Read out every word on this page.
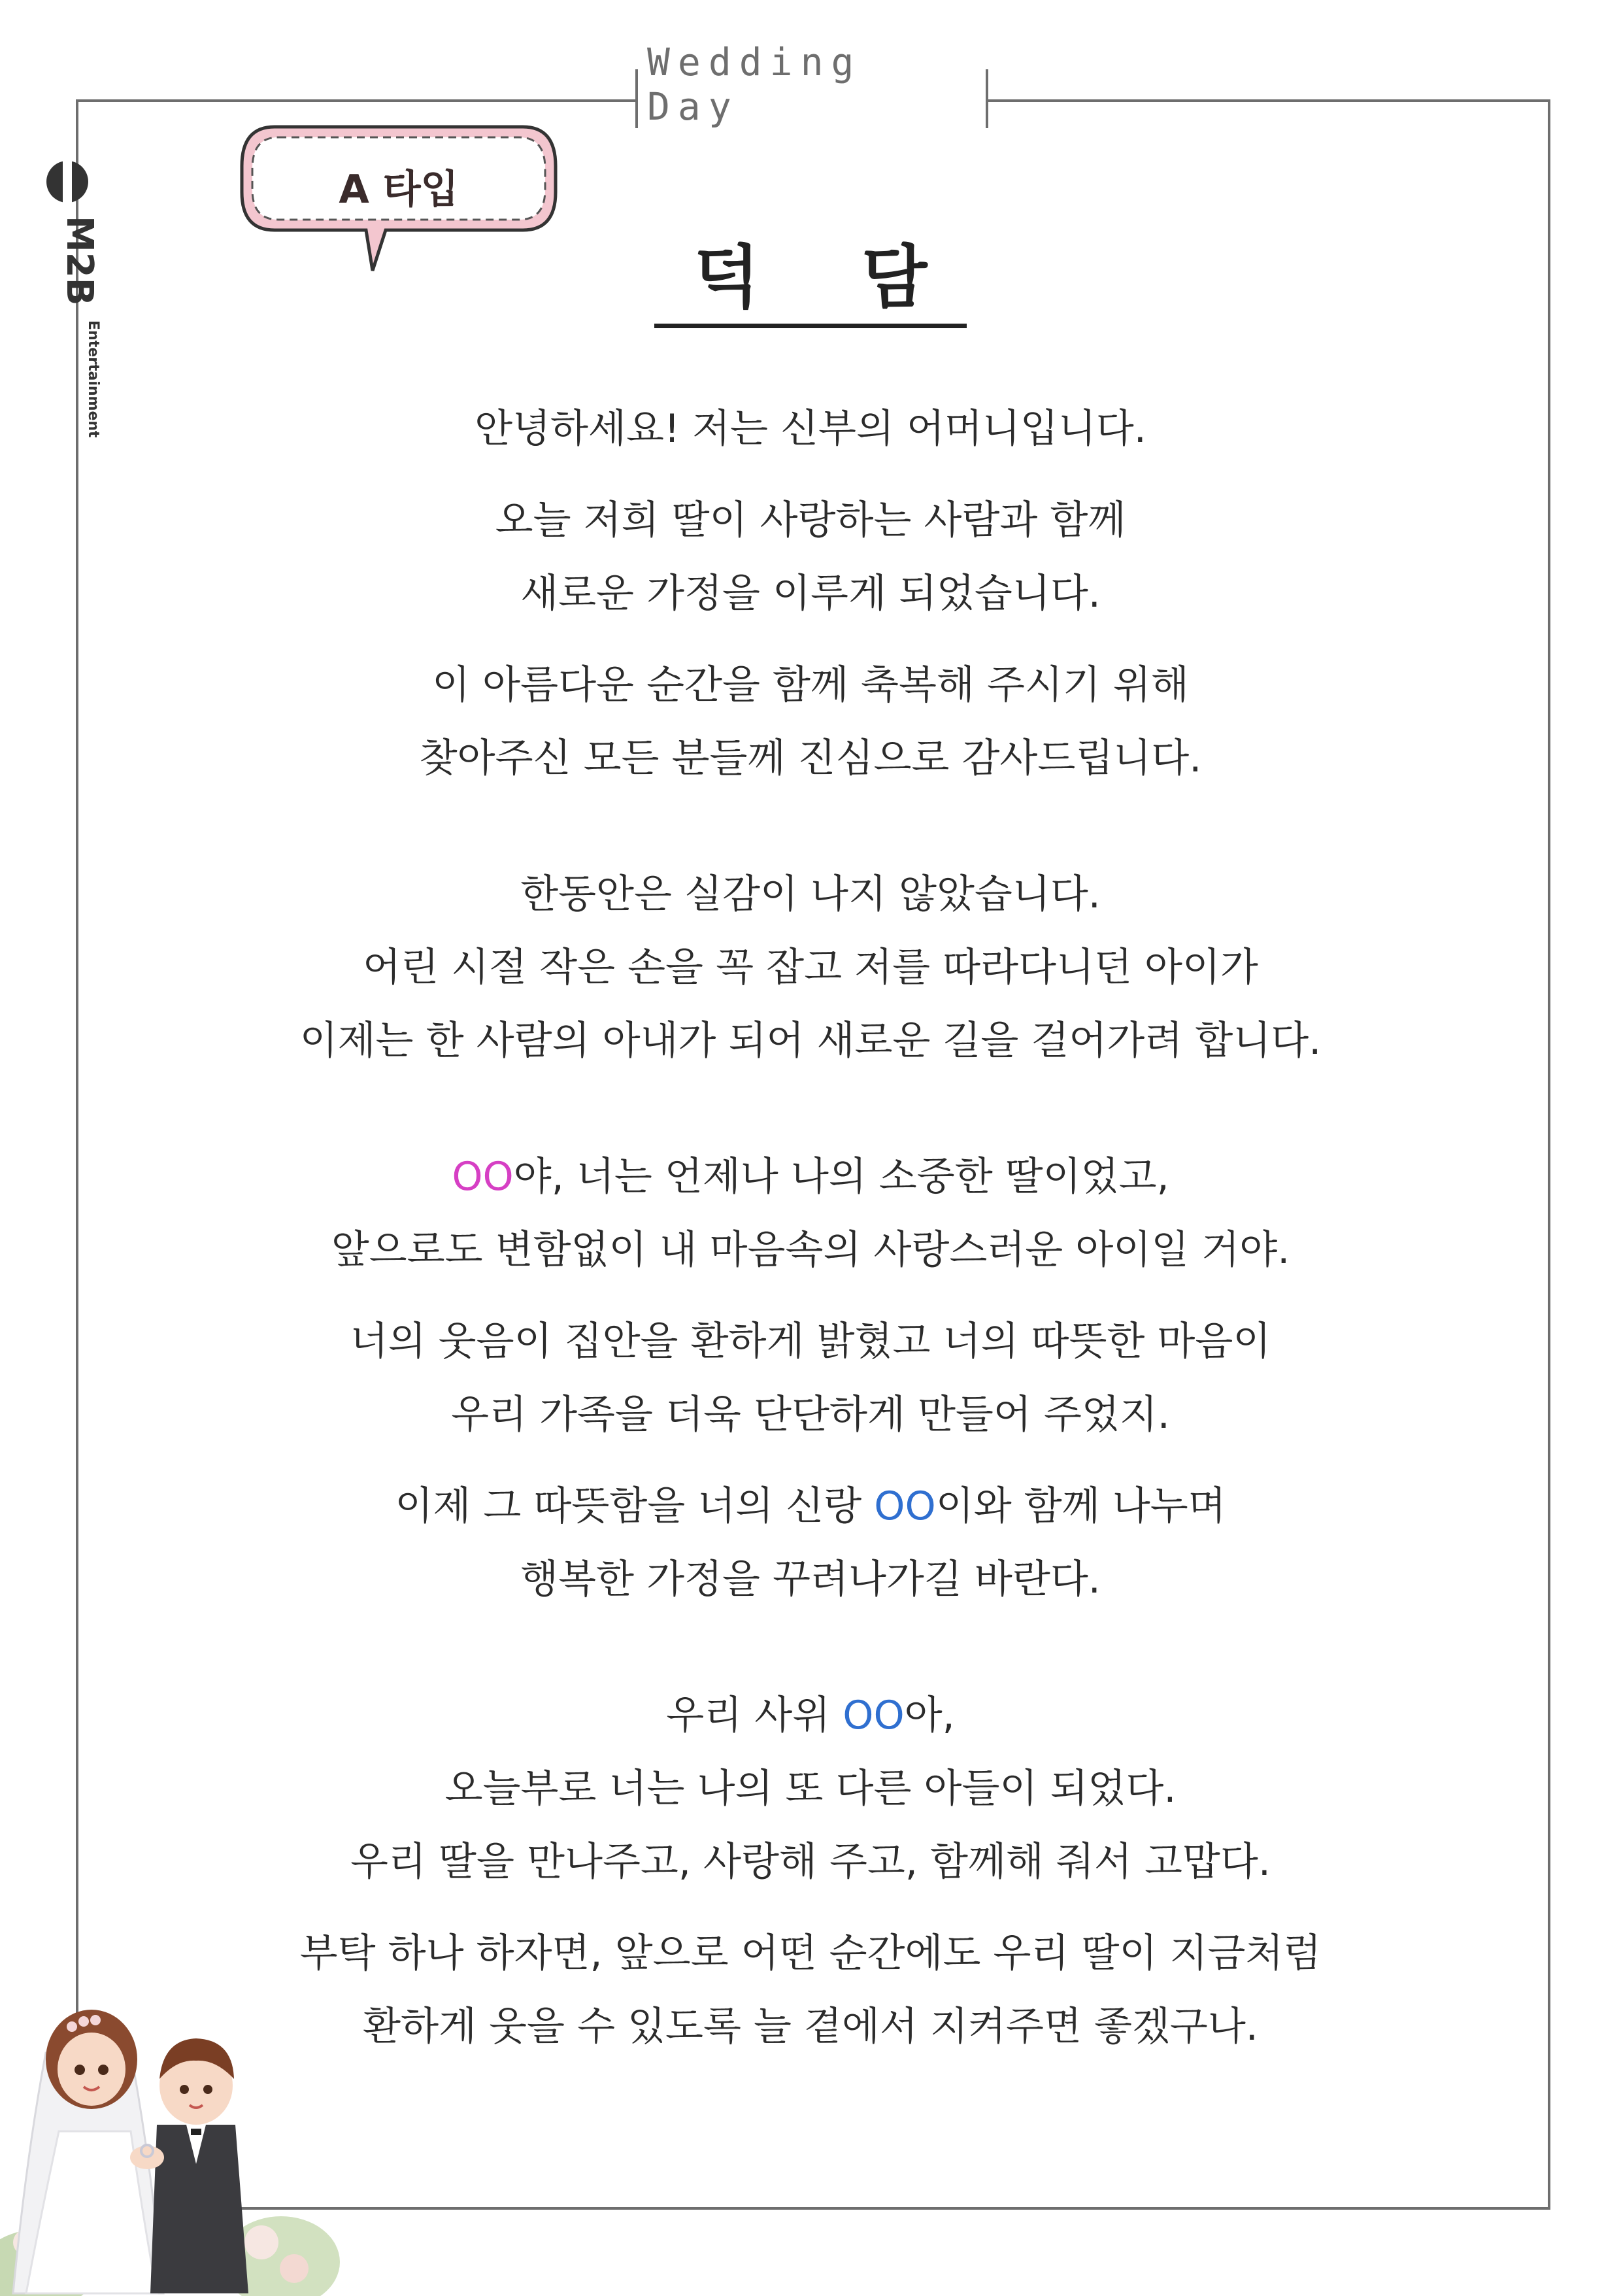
Wedding Day
M2B
Entertainment
A 타입
덕 담

안녕하세요! 저는 신부의 어머니입니다.

오늘 저희 딸이 사랑하는 사람과 함께
새로운 가정을 이루게 되었습니다.

이 아름다운 순간을 함께 축복해 주시기 위해
찾아주신 모든 분들께 진심으로 감사드립니다.

한동안은 실감이 나지 않았습니다.
어린 시절 작은 손을 꼭 잡고 저를 따라다니던 아이가
이제는 한 사람의 아내가 되어 새로운 길을 걸어가려 합니다.

OO야, 너는 언제나 나의 소중한 딸이었고,
앞으로도 변함없이 내 마음속의 사랑스러운 아이일 거야.

너의 웃음이 집안을 환하게 밝혔고 너의 따뜻한 마음이
우리 가족을 더욱 단단하게 만들어 주었지.

이제 그 따뜻함을 너의 신랑 OO이와 함께 나누며
행복한 가정을 꾸려나가길 바란다.

우리 사위 OO아,
오늘부로 너는 나의 또 다른 아들이 되었다.
우리 딸을 만나주고, 사랑해 주고, 함께해 줘서 고맙다.

부탁 하나 하자면, 앞으로 어떤 순간에도 우리 딸이 지금처럼
환하게 웃을 수 있도록 늘 곁에서 지켜주면 좋겠구나.
